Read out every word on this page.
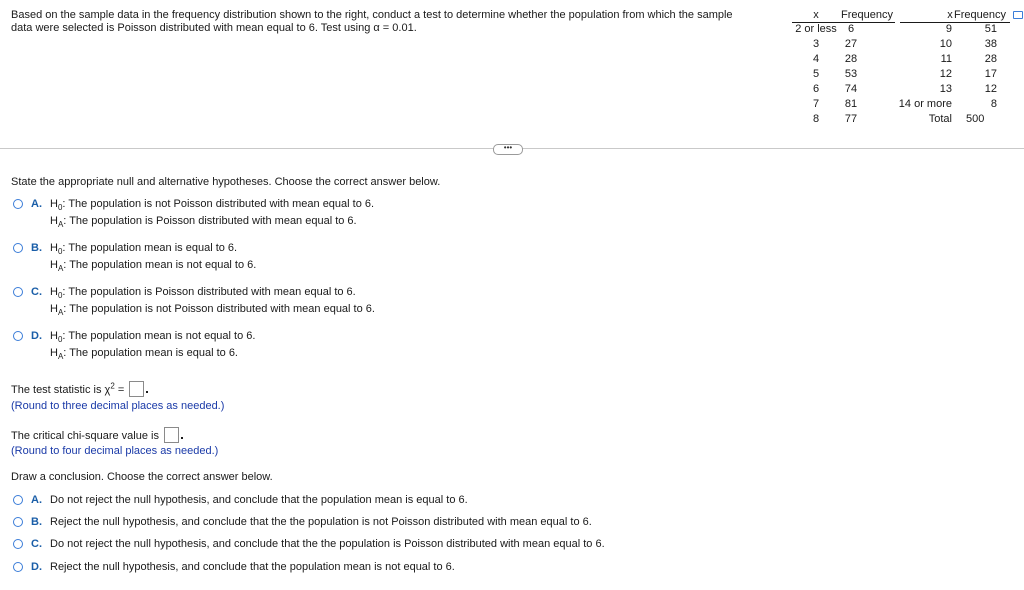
Based on the sample data in the frequency distribution shown to the right, conduct a test to determine whether the population from which the sample
data were selected is Poisson distributed with mean equal to 6. Test using α = 0.01.
x Frequency	x Frequency
2 or less 6
3 27
4 28
5 53
6 74
7 81
8 77
9	51
10	38
11	28
12	17
13	12
14 or more	8
Total 500
•••
State the appropriate null and alternative hypotheses. Choose the correct answer below.
A. $H_0$: The population is not Poisson distributed with mean equal to 6.
$H_A$: The population is Poisson distributed with mean equal to 6.
B. $H_0$: The population mean is equal to 6.
$H_A$: The population mean is not equal to 6.
C. $H_0$: The population is Poisson distributed with mean equal to 6.
$H_A$: The population is not Poisson distributed with mean equal to 6.
D. $H_0$: The population mean is not equal to 6.
$H_A$: The population mean is equal to 6.
The test statistic is $\chi^2$ =
(Round to three decimal places as needed.)
The critical chi-square value is
(Round to four decimal places as needed.)
Draw a conclusion. Choose the correct answer below.
A. Do not reject the null hypothesis, and conclude that the population mean is equal to 6.
B. Reject the null hypothesis, and conclude that the the population is not Poisson distributed with mean equal to 6.
C. Do not reject the null hypothesis, and conclude that the the population is Poisson distributed with mean equal to 6.
D. Reject the null hypothesis, and conclude that the population mean is not equal to 6.
